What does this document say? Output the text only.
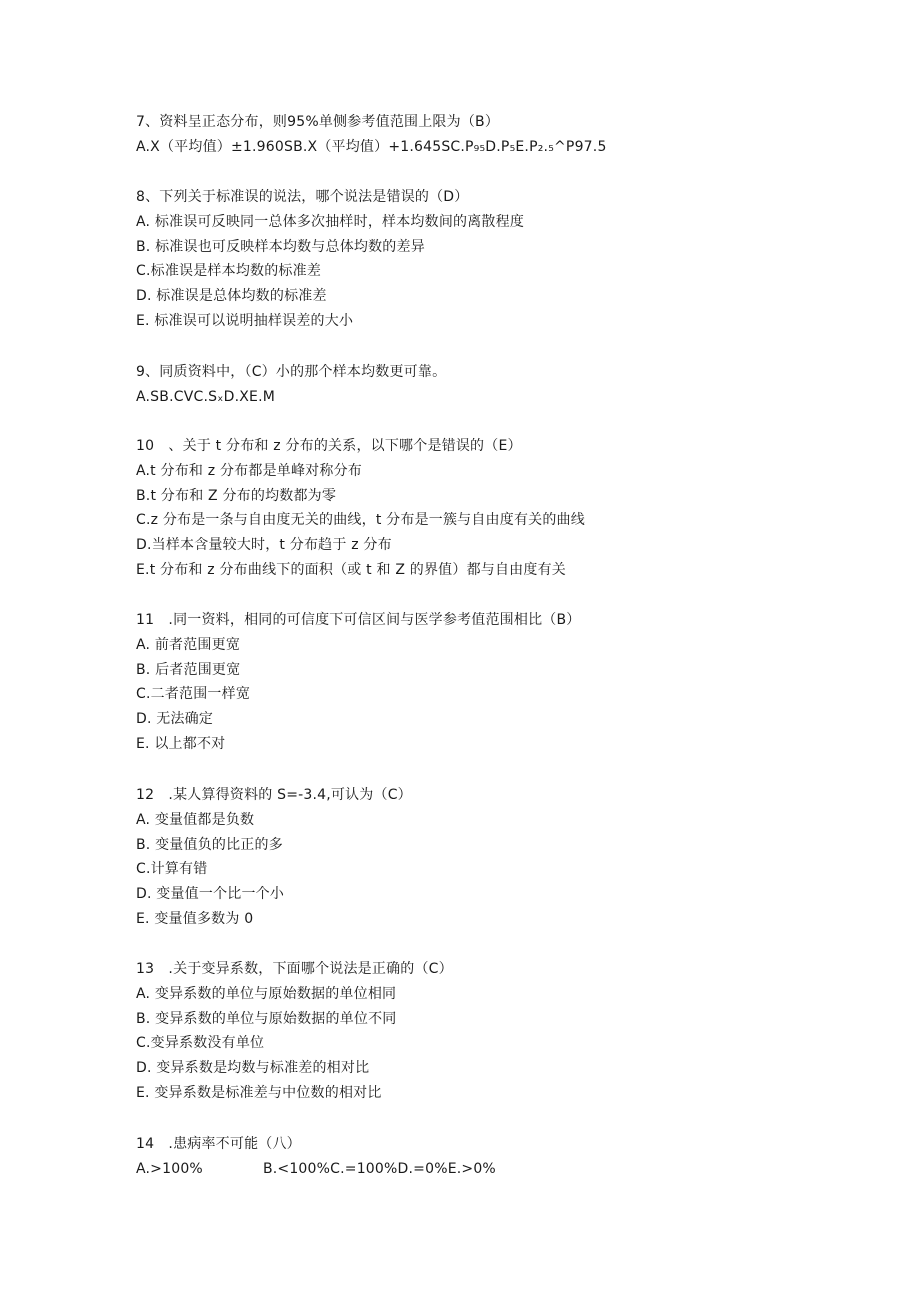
7、资料呈正态分布，则95%单侧参考值范围上限为（B）
A.X（平均值）±1.960SB.X（平均值）+1.645SC.P₉₅D.P₅E.P₂.₅^P97.5
8、下列关于标准误的说法，哪个说法是错误的（D）
A. 标准误可反映同一总体多次抽样时，样本均数间的离散程度
B. 标准误也可反映样本均数与总体均数的差异
C.标准误是样本均数的标准差
D. 标准误是总体均数的标准差
E. 标准误可以说明抽样误差的大小
9、同质资料中，（C）小的那个样本均数更可靠。
A.SB.CVC.SₓD.XE.M
10　、关于 t 分布和 z 分布的关系，以下哪个是错误的（E）
A.t 分布和 z 分布都是单峰对称分布
B.t 分布和 Z 分布的均数都为零
C.z 分布是一条与自由度无关的曲线，t 分布是一簇与自由度有关的曲线
D.当样本含量较大时，t 分布趋于 z 分布
E.t 分布和 z 分布曲线下的面积（或 t 和 Z 的界值）都与自由度有关
11　.同一资料，相同的可信度下可信区间与医学参考值范围相比（B）
A. 前者范围更宽
B. 后者范围更宽
C.二者范围一样宽
D. 无法确定
E. 以上都不对
12　.某人算得资料的 S=-3.4,可认为（C）
A. 变量值都是负数
B. 变量值负的比正的多
C.计算有错
D. 变量值一个比一个小
E. 变量值多数为 0
13　.关于变异系数，下面哪个说法是正确的（C）
A. 变异系数的单位与原始数据的单位相同
B. 变异系数的单位与原始数据的单位不同
C.变异系数没有单位
D. 变异系数是均数与标准差的相对比
E. 变异系数是标准差与中位数的相对比
14　.患病率不可能（八）
A.>100%	B.<100%C.=100%D.=0%E.>0%
